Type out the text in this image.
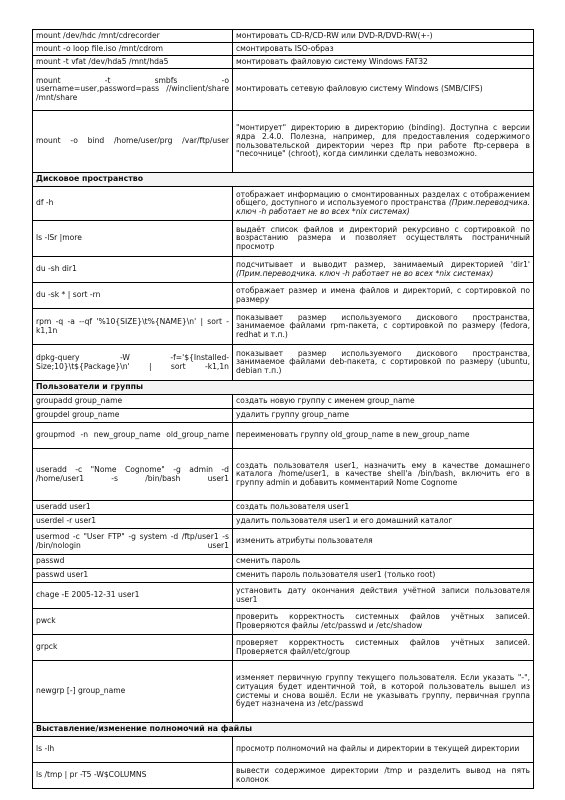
mount /dev/hdc /mnt/cdrecorder	монтировать CD-R/CD-RW или DVD-R/DVD-RW(+-)
mount -o loop file.iso /mnt/cdrom	смонтировать ISO-образ
mount -t vfat /dev/hda5 /mnt/hda5	монтировать файловую систему Windows FAT32
mount -t smbfs -o username=user,password=pass //winclient/share /mnt/share	монтировать сетевую файловую систему Windows (SMB/CIFS)
mount -o bind /home/user/prg /var/ftp/user	"монтирует" директорию в директорию (binding). Доступна с версии ядра 2.4.0. Полезна, например, для предоставления содержимого пользовательской директории через ftp при работе ftp-сервера в "песочнице" (chroot), когда симлинки сделать невозможно.
Дисковое пространство	
df -h	отображает информацию о смонтированных разделах с отображением общего, доступного и используемого пространства (Прим.переводчика. ключ -h работает не во всех *nix системах)
ls -lSr |more	выдаёт список файлов и директорий рекурсивно с сортировкой по возрастанию размера и позволяет осуществлять постраничный просмотр
du -sh dir1	подсчитывает и выводит размер, занимаемый директорией 'dir1' (Прим.переводчика. ключ -h работает не во всех *nix системах)
du -sk * | sort -rn	отображает размер и имена файлов и директорий, с сортировкой по размеру
rpm -q -a --qf '%10{SIZE}\t%{NAME}\n' | sort -k1,1n	показывает размер используемого дискового пространства, занимаемое файлами rpm-пакета, с сортировкой по размеру (fedora, redhat и т.п.)
dpkg-query -W -f='${Installed-Size;10}\t${Package}\n' | sort -k1,1n	показывает размер используемого дискового пространства, занимаемое файлами deb-пакета, с сортировкой по размеру (ubuntu, debian т.п.)
Пользователи и группы	
groupadd group_name	создать новую группу с именем group_name
groupdel group_name	удалить группу group_name
groupmod -n new_group_name old_group_name	переименовать группу old_group_name в new_group_name
useradd -c "Nome Cognome" -g admin -d /home/user1 -s /bin/bash user1	создать пользователя user1, назначить ему в качестве домашнего каталога /home/user1, в качестве shell'а /bin/bash, включить его в группу admin и добавить комментарий Nome Cognome
useradd user1	создать пользователя user1
userdel -r user1	удалить пользователя user1 и его домашний каталог
usermod -c "User FTP" -g system -d /ftp/user1 -s /bin/nologin user1	изменить атрибуты пользователя
passwd	сменить пароль
passwd user1	сменить пароль пользователя user1 (только root)
chage -E 2005-12-31 user1	установить дату окончания действия учётной записи пользователя user1
pwck	проверить корректность системных файлов учётных записей. Проверяются файлы /etc/passwd и /etc/shadow
grpck	проверяет корректность системных файлов учётных записей. Проверяется файл/etc/group
newgrp [-] group_name	изменяет первичную группу текущего пользователя. Если указать "-", ситуация будет идентичной той, в которой пользователь вышел из системы и снова вошёл. Если не указывать группу, первичная группа будет назначена из /etc/passwd
Выставление/изменение полномочий на файлы	
ls -lh	просмотр полномочий на файлы и директории в текущей директории
ls /tmp | pr -T5 -W$COLUMNS	вывести содержимое директории /tmp и разделить вывод на пять колонок
